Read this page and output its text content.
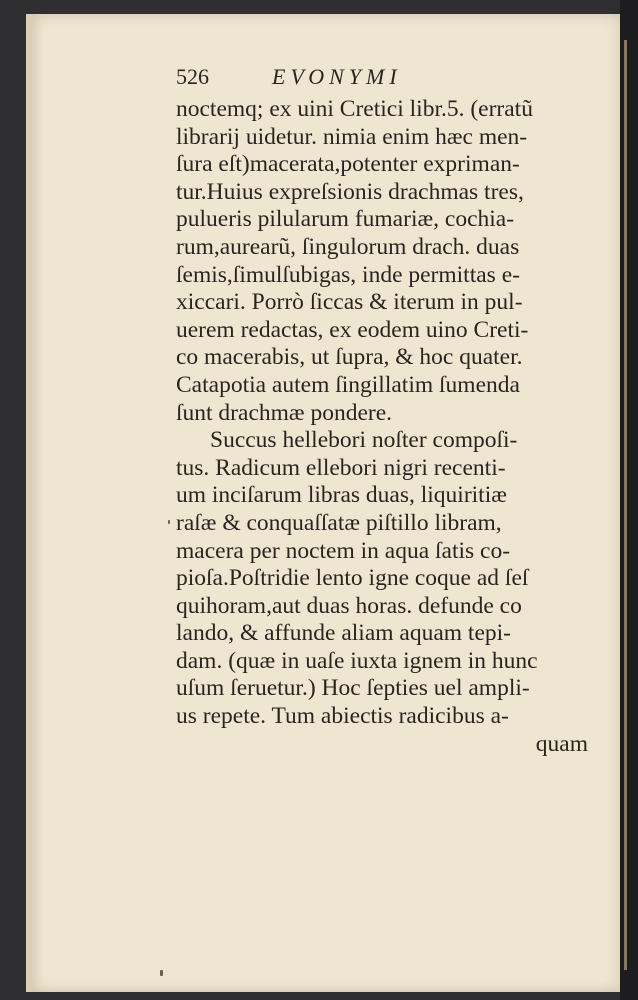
526	EVONYMI
noctemq; ex uini Cretici libr.5. (erratũ
librarij uidetur. nimia enim hæc men-
ſura eſt)macerata,potenter expriman-
tur.Huius expreſsionis drachmas tres,
pulueris pilularum fumariæ, cochia-
rum,aurearũ, ſingulorum drach. duas
ſemis,ſimulſubigas, inde permittas e-
xiccari. Porrò ſiccas & iterum in pul-
uerem redactas, ex eodem uino Creti-
co macerabis, ut ſupra, & hoc quater.
Catapotia autem ſingillatim ſumenda
ſunt drachmæ pondere.
Succus hellebori noſter compoſi-
tus. Radicum ellebori nigri recenti-
um inciſarum libras duas, liquiritiæ
raſæ & conquaſſatæ piſtillo libram,
macera per noctem in aqua ſatis co-
pioſa.Poſtridie lento igne coque ad ſeſ
quihoram,aut duas horas. defunde co
lando, & affunde aliam aquam tepi-
dam. (quæ in uaſe iuxta ignem in hunc
uſum ſeruetur.) Hoc ſepties uel ampli-
us repete. Tum abiectis radicibus a-
quam
